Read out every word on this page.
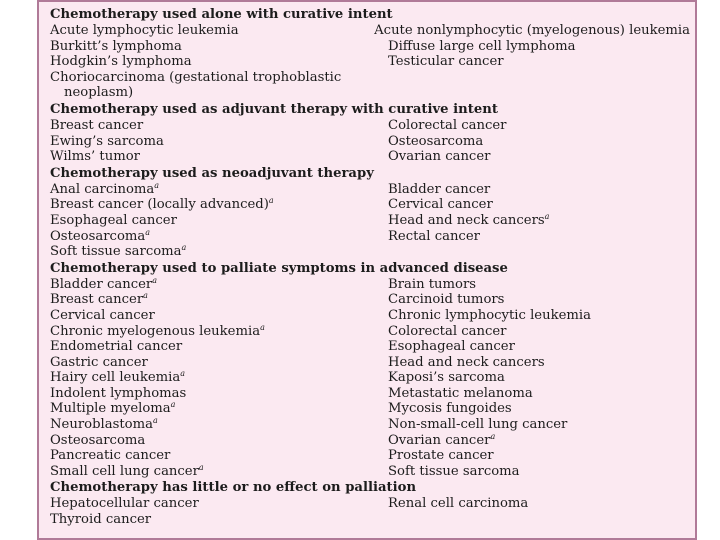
Chemotherapy used alone with curative intent
Acute lymphocytic leukemia	Acute nonlymphocytic (myelogenous) leukemia
Burkitt’s lymphoma	Diffuse large cell lymphoma
Hodgkin’s lymphoma	Testicular cancer
Choriocarcinoma (gestational trophoblastic
neoplasm)
Chemotherapy used as adjuvant therapy with curative intent
Breast cancer	Colorectal cancer
Ewing’s sarcoma	Osteosarcoma
Wilms’ tumor	Ovarian cancer
Chemotherapy used as neoadjuvant therapy
Anal carcinoma$^a$	Bladder cancer
Breast cancer (locally advanced)$^a$	Cervical cancer
Esophageal cancer	Head and neck cancers$^a$
Osteosarcoma$^a$	Rectal cancer
Soft tissue sarcoma$^a$
Chemotherapy used to palliate symptoms in advanced disease
Bladder cancer$^a$	Brain tumors
Breast cancer$^a$	Carcinoid tumors
Cervical cancer	Chronic lymphocytic leukemia
Chronic myelogenous leukemia$^a$	Colorectal cancer
Endometrial cancer	Esophageal cancer
Gastric cancer	Head and neck cancers
Hairy cell leukemia$^a$	Kaposi’s sarcoma
Indolent lymphomas	Metastatic melanoma
Multiple myeloma$^a$	Mycosis fungoides
Neuroblastoma$^a$	Non-small-cell lung cancer
Osteosarcoma	Ovarian cancer$^a$
Pancreatic cancer	Prostate cancer
Small cell lung cancer$^a$	Soft tissue sarcoma
Chemotherapy has little or no effect on palliation
Hepatocellular cancer	Renal cell carcinoma
Thyroid cancer
